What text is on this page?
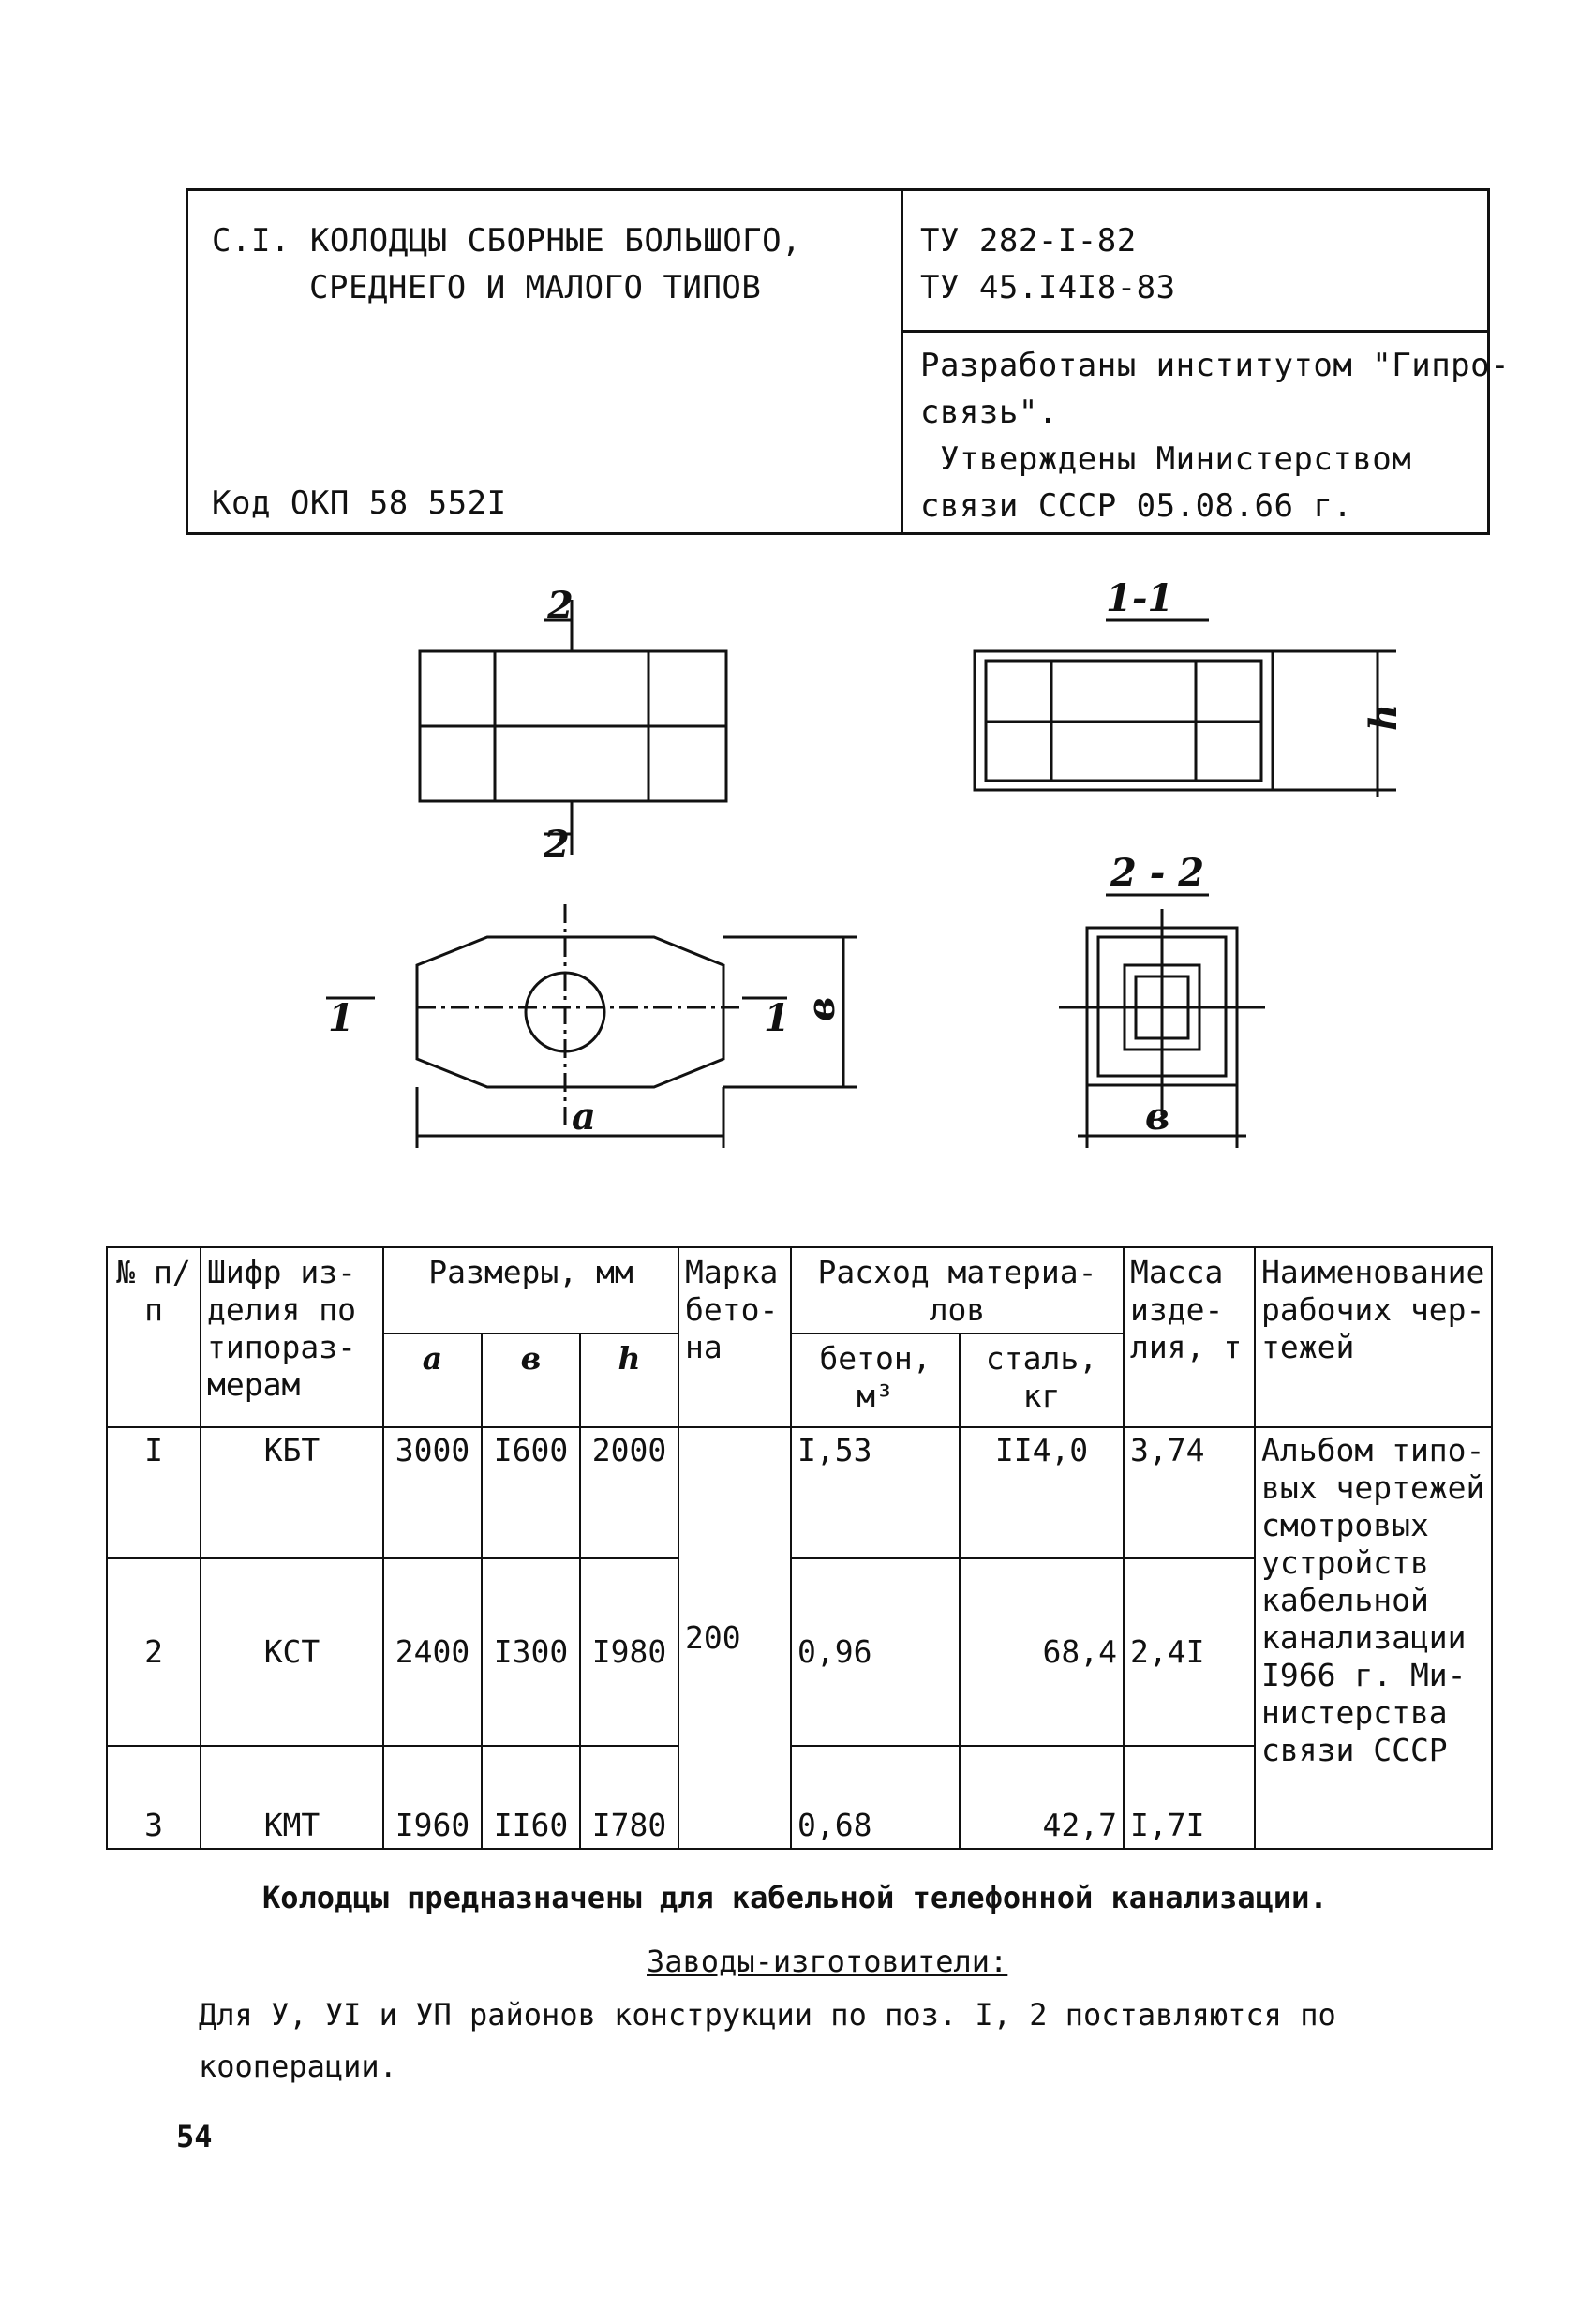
С.I. КОЛОДЦЫ СБОРНЫЕ БОЛЬШОГО,
СРЕДНЕГО И МАЛОГО ТИПОВ
Код ОКП 58 552I
ТУ 282-I-82
ТУ 45.I4I8-83
Разработаны институтом "Гипро-
связь".
Утверждены Министерством
связи СССР 05.08.66 г.
2
2
1-1
h
1	1 в
a
2 - 2
в
№ п/п	Шифр из- делия по типораз- мерам	Размеры, мм			Марка бето- на	Расход материа- лов		Масса изде- лия, т	Наименование рабочих чер- тежей
		a	в	h		бетон, м³	сталь, кг		
I	КБТ	3000	I600	2000	200	I,53	II4,0	3,74	Альбом типо- вых чертежей смотровых устройств кабельной канализации I966 г. Ми- нистерства связи СССР
2	КСТ	2400	I300	I980		0,96	68,4	2,4I	
3	КМТ	I960	II60	I780		0,68	42,7	I,7I	
Колодцы предназначены для кабельной телефонной канализации.
Заводы-изготовители:
Для У, УI и УП районов конструкции по поз. I, 2 поставляются по
кооперации.
54
